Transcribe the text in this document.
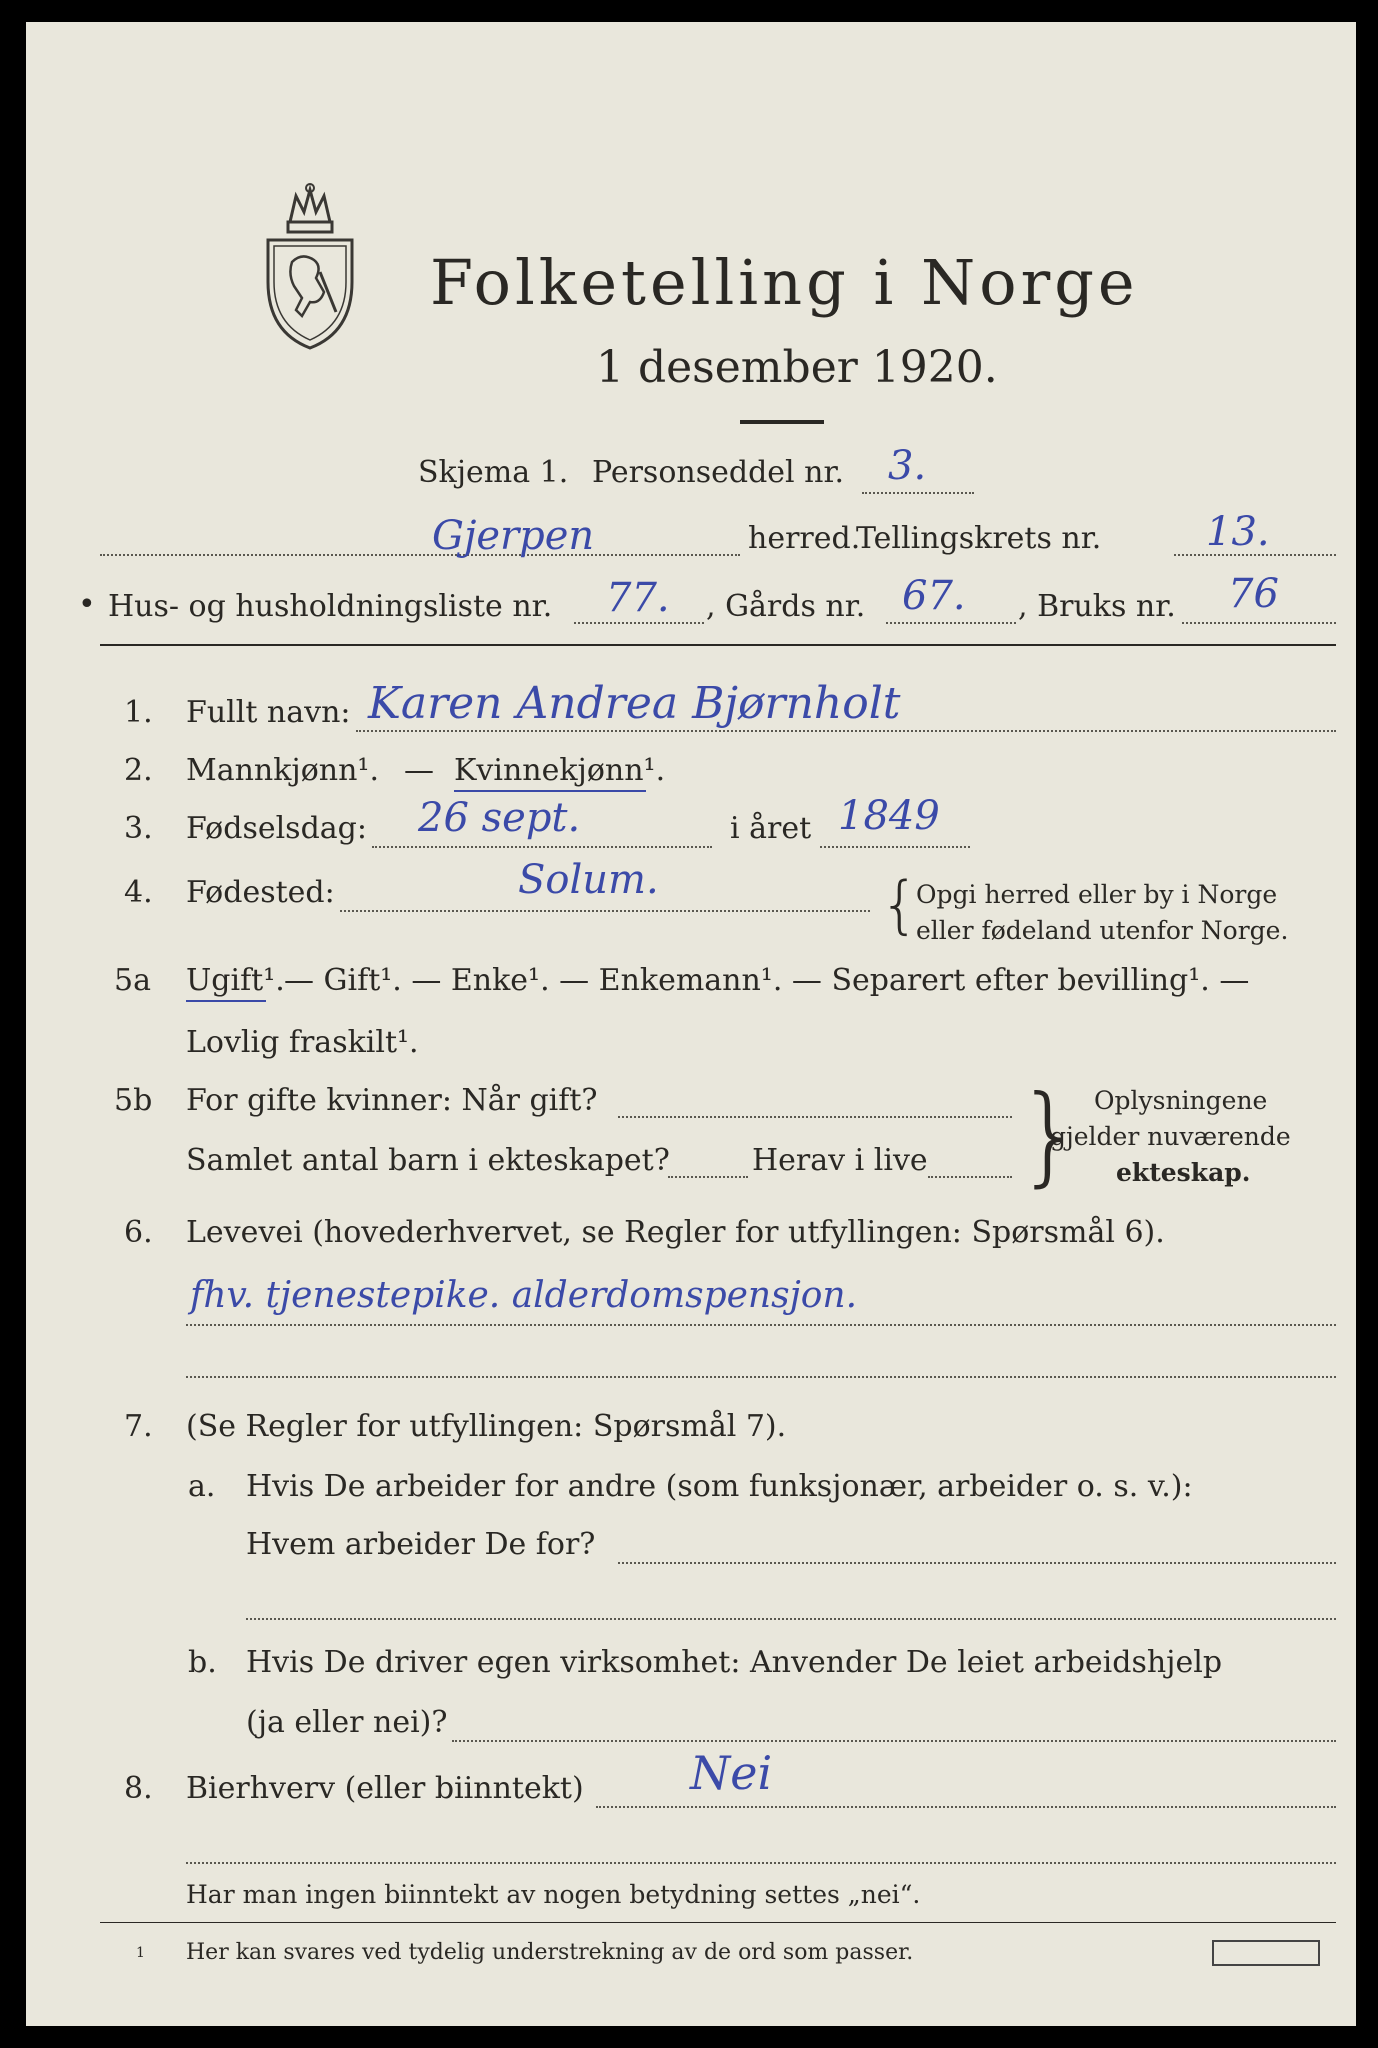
Folketelling i Norge
1 desember 1920.
Skjema 1. Personseddel nr. 3.
Gjerpen	herred.
Tellingskrets nr.	13.
• Hus- og husholdningsliste nr. 77. , Gårds nr. 67. , Bruks nr. 76
1. Fullt navn: Karen Andrea Bjørnholt
2. Mannkjønn¹. — Kvinnekjønn¹.
3. Fødselsdag: 26 sept.	i året 1849
4. Fødested:	Solum.	{
Opgi herred eller by i Norge
eller fødeland utenfor Norge.
5a Ugift¹. — Gift¹. — Enke¹. — Enkemann¹. — Separert efter bevilling¹. —
Lovlig fraskilt¹.
5b For gifte kvinner: Når gift?
Samlet antal barn i ekteskapet?	Herav i live } Oplysningene
gjelder nuværende
ekteskap.
6. Levevei (hovederhvervet, se Regler for utfyllingen: Spørsmål 6).
fhv. tjenestepike. alderdomspensjon.
7. (Se Regler for utfyllingen: Spørsmål 7).
a. Hvis De arbeider for andre (som funksjonær, arbeider o. s. v.):
Hvem arbeider De for?
b. Hvis De driver egen virksomhet: Anvender De leiet arbeidshjelp
(ja eller nei)?
8. Bierhverv (eller biinntekt) Nei
Har man ingen biinntekt av nogen betydning settes „nei“.
1 Her kan svares ved tydelig understrekning av de ord som passer.
